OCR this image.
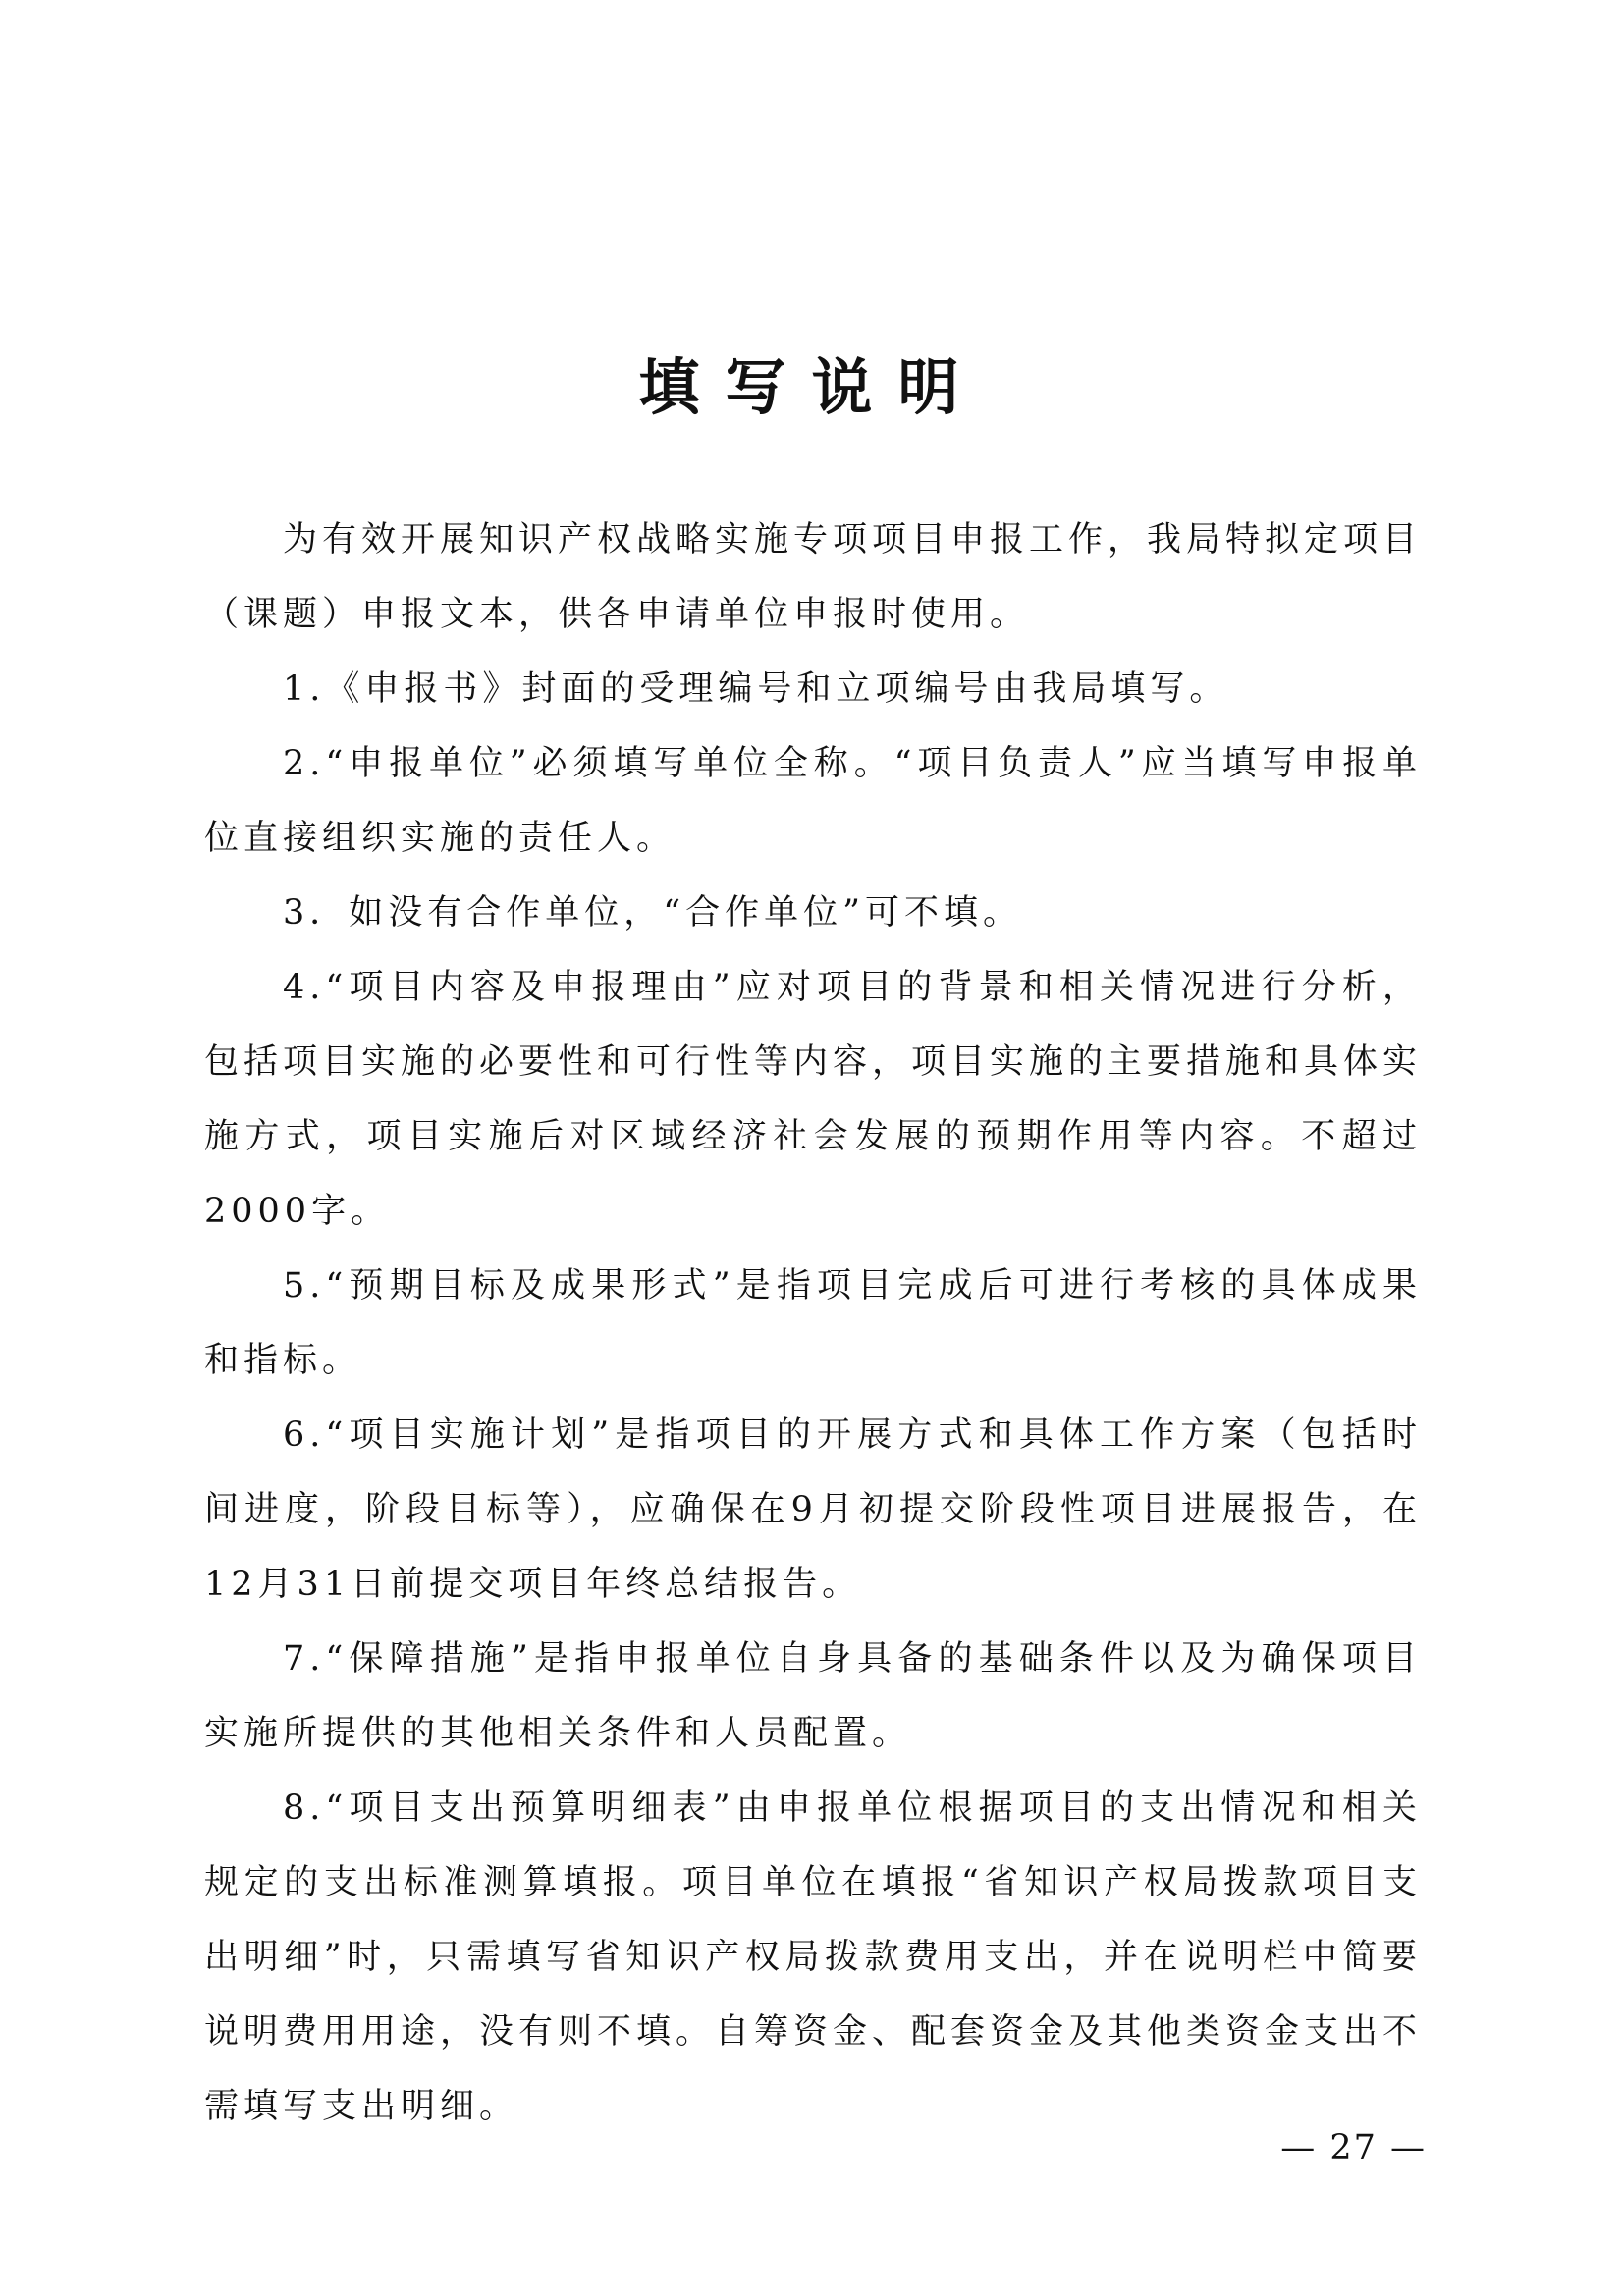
填写说明

为有效开展知识产权战略实施专项项目申报工作，我局特拟定项目（课题）申报文本，供各申请单位申报时使用。

1.《申报书》封面的受理编号和立项编号由我局填写。

2.“申报单位”必须填写单位全称。“项目负责人”应当填写申报单位直接组织实施的责任人。

3．如没有合作单位，“合作单位”可不填。

4.“项目内容及申报理由”应对项目的背景和相关情况进行分析，包括项目实施的必要性和可行性等内容，项目实施的主要措施和具体实施方式，项目实施后对区域经济社会发展的预期作用等内容。不超过2000字。

5.“预期目标及成果形式”是指项目完成后可进行考核的具体成果和指标。

6.“项目实施计划”是指项目的开展方式和具体工作方案（包括时间进度，阶段目标等），应确保在9月初提交阶段性项目进展报告，在12月31日前提交项目年终总结报告。

7.“保障措施”是指申报单位自身具备的基础条件以及为确保项目实施所提供的其他相关条件和人员配置。

8.“项目支出预算明细表”由申报单位根据项目的支出情况和相关规定的支出标准测算填报。项目单位在填报“省知识产权局拨款项目支出明细”时，只需填写省知识产权局拨款费用支出，并在说明栏中简要说明费用用途，没有则不填。自筹资金、配套资金及其他类资金支出不需填写支出明细。

— 27 —
